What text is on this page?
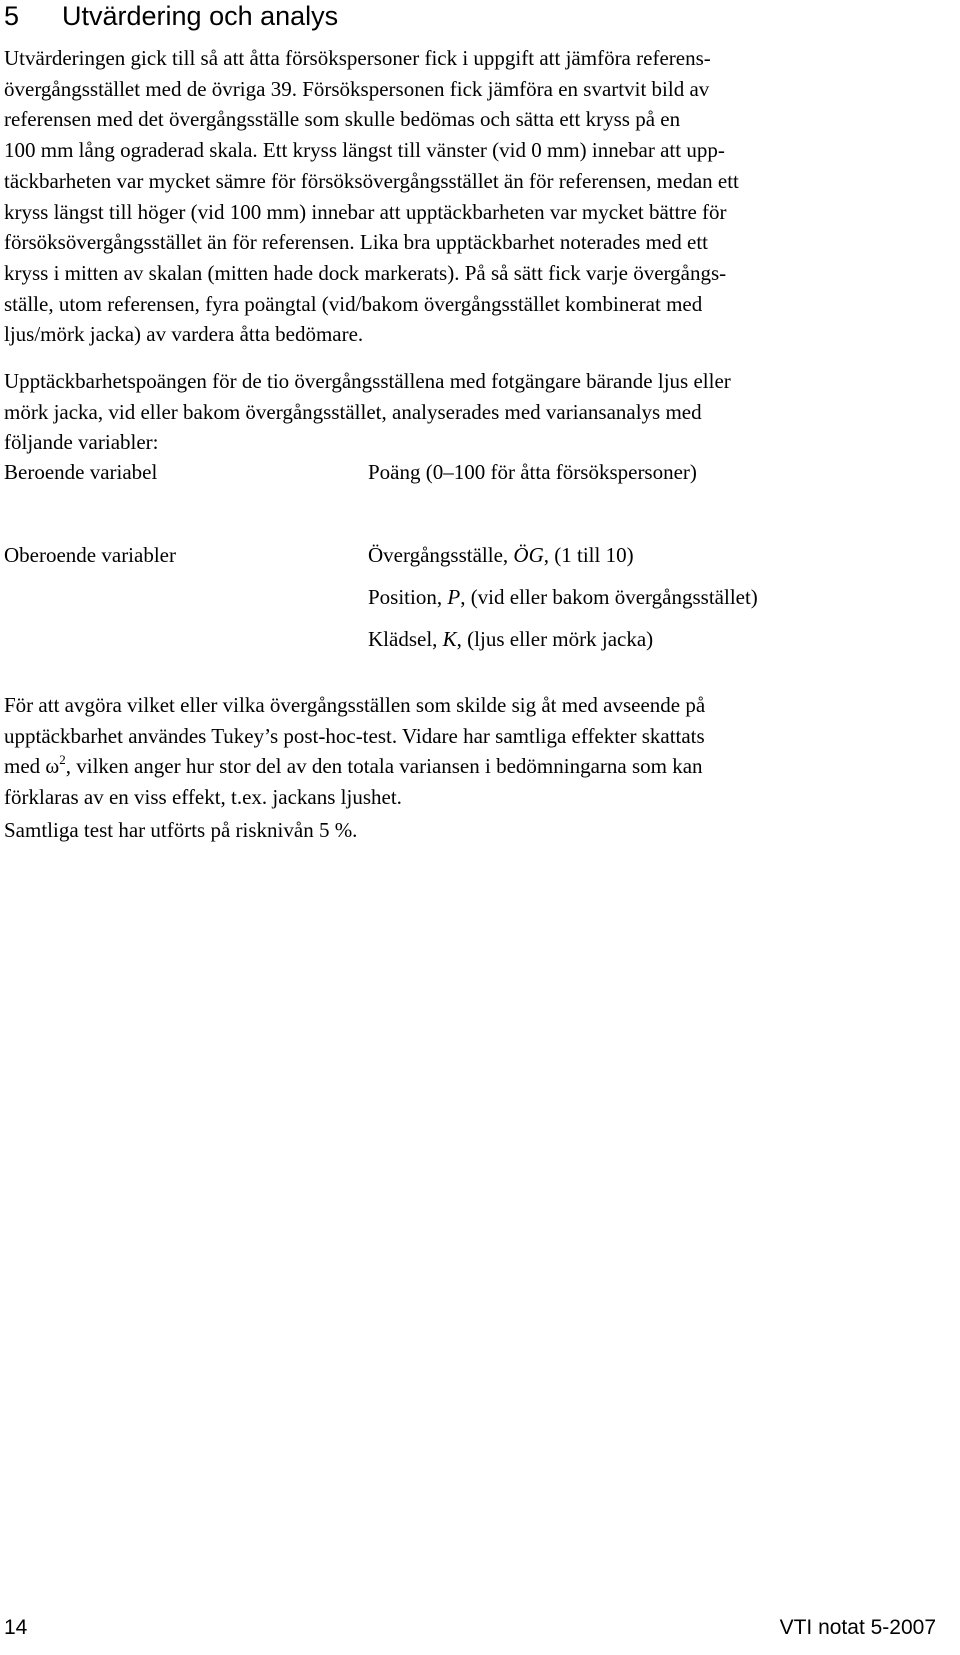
5 Utvärdering och analys
Utvärderingen gick till så att åtta försökspersoner fick i uppgift att jämföra referens-
övergångsstället med de övriga 39. Försökspersonen fick jämföra en svartvit bild av
referensen med det övergångsställe som skulle bedömas och sätta ett kryss på en
100 mm lång ograderad skala. Ett kryss längst till vänster (vid 0 mm) innebar att upp-
täckbarheten var mycket sämre för försöksövergångsstället än för referensen, medan ett
kryss längst till höger (vid 100 mm) innebar att upptäckbarheten var mycket bättre för
försöksövergångsstället än för referensen. Lika bra upptäckbarhet noterades med ett
kryss i mitten av skalan (mitten hade dock markerats). På så sätt fick varje övergångs-
ställe, utom referensen, fyra poängtal (vid/bakom övergångsstället kombinerat med
ljus/mörk jacka) av vardera åtta bedömare.
Upptäckbarhetspoängen för de tio övergångsställena med fotgängare bärande ljus eller
mörk jacka, vid eller bakom övergångsstället, analyserades med variansanalys med
följande variabler:
Beroende variabel	Poäng (0–100 för åtta försökspersoner)
Oberoende variabler	Övergångsställe, ÖG, (1 till 10)
Position, P, (vid eller bakom övergångsstället)
Klädsel, K, (ljus eller mörk jacka)
För att avgöra vilket eller vilka övergångsställen som skilde sig åt med avseende på
upptäckbarhet användes Tukey’s post-hoc-test. Vidare har samtliga effekter skattats
med $\omega^2$, vilken anger hur stor del av den totala variansen i bedömningarna som kan
förklaras av en viss effekt, t.ex. jackans ljushet.
Samtliga test har utförts på risknivån 5 %.
14	VTI notat 5-2007
